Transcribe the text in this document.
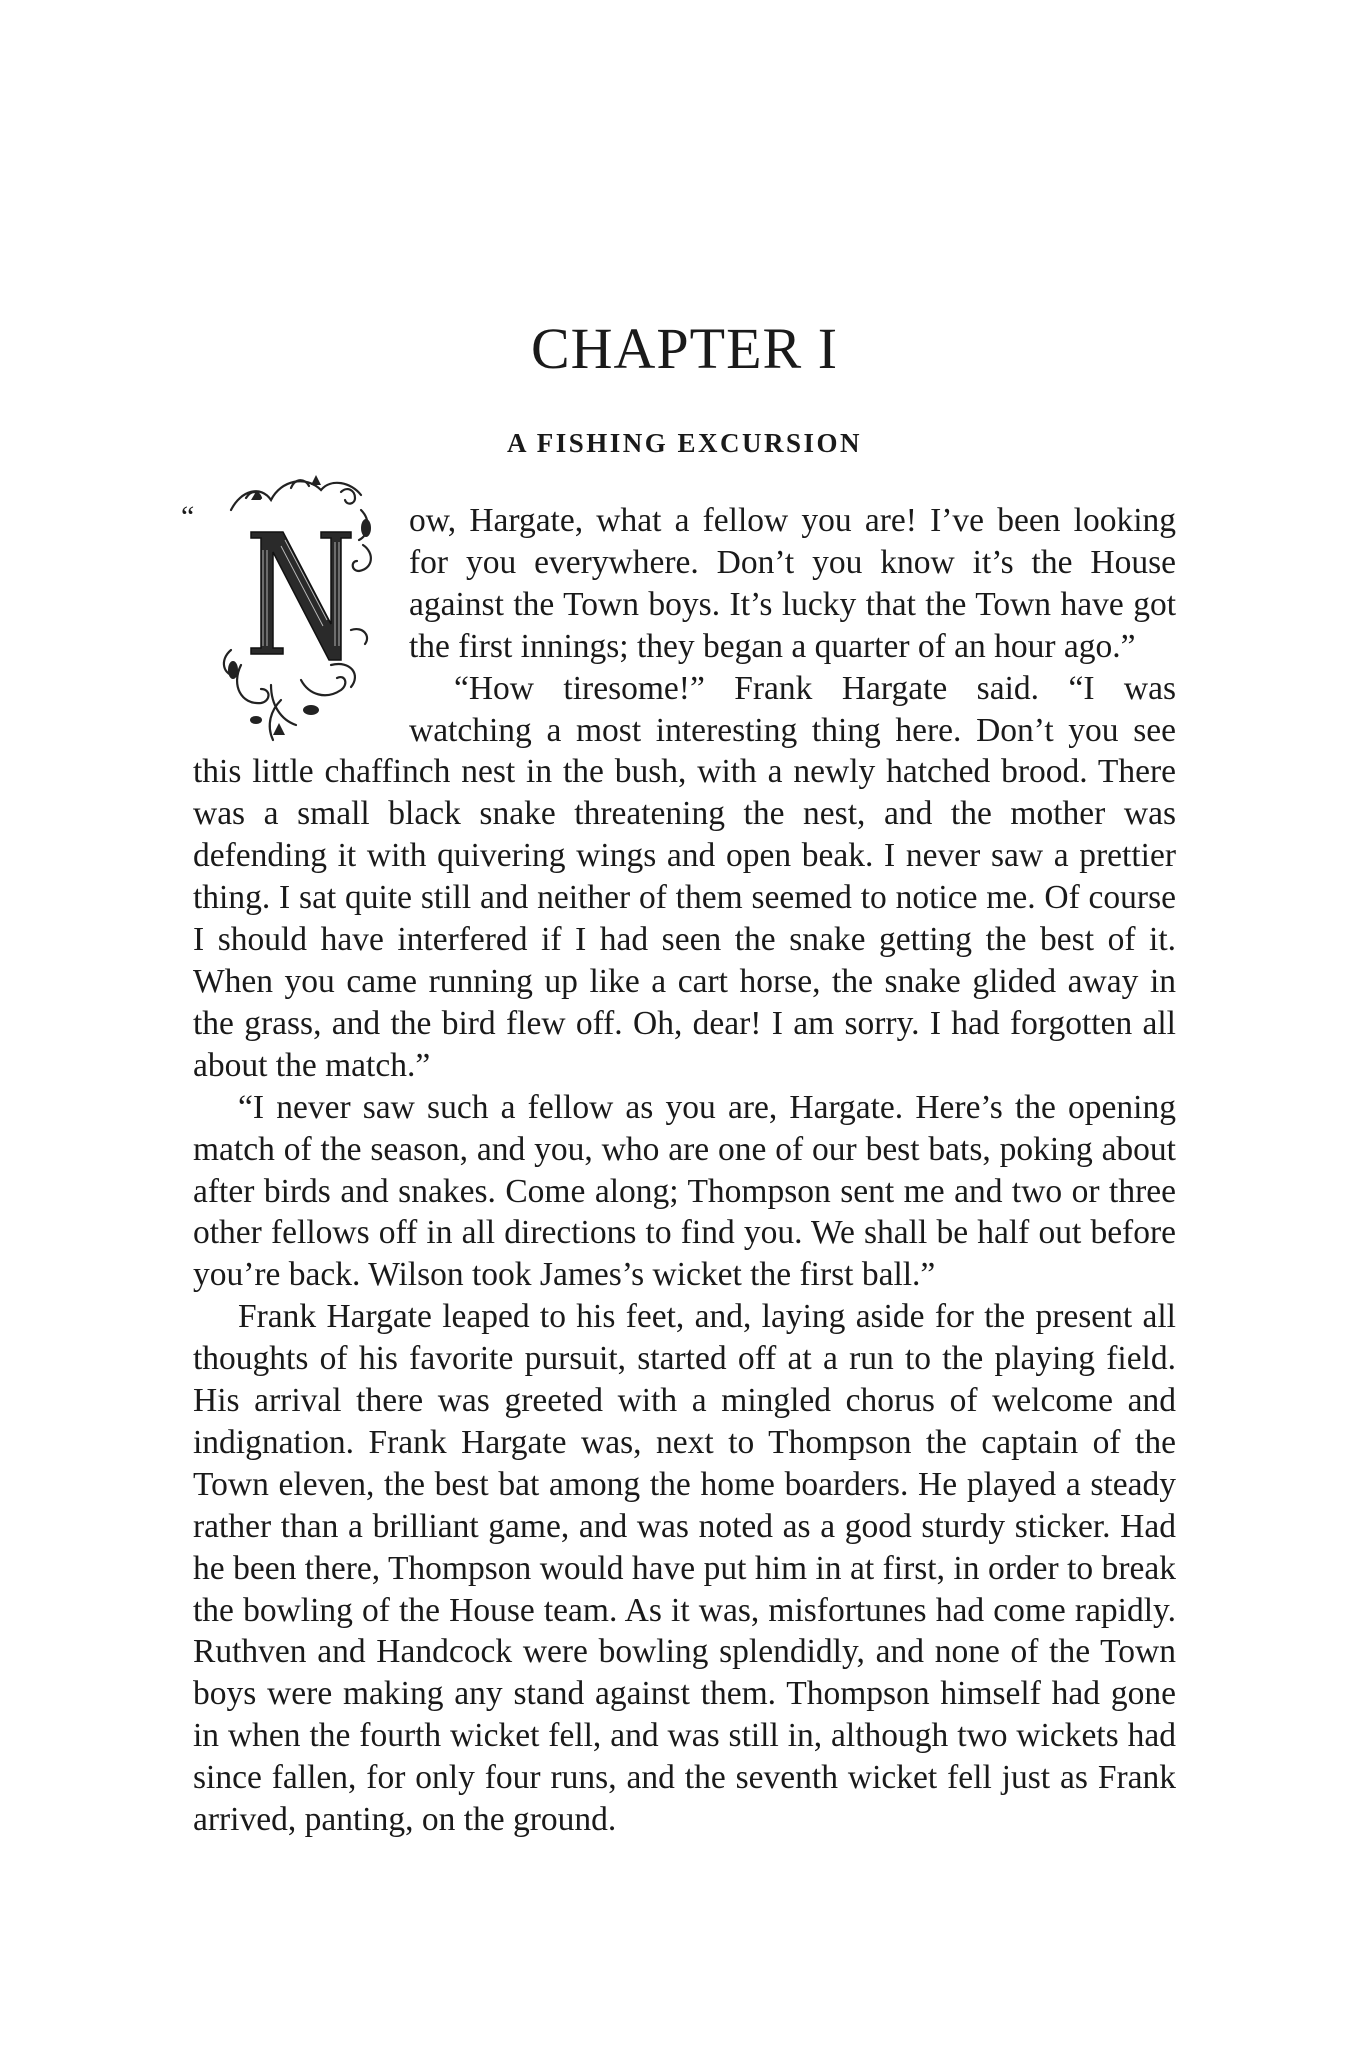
CHAPTER I
A FISHING EXCURSION
“	ow, Hargate, what a fellow you are! I’ve been looking for you everywhere. Don’t you know it’s the House against the Town boys. It’s lucky that the Town have got the first innings; they began a quarter of an hour ago.”

“How tiresome!” Frank Hargate said. “I was watching a most interesting thing here. Don’t you see this little chaffinch nest in the bush, with a newly hatched brood. There was a small black snake threatening the nest, and the mother was defending it with quivering wings and open beak. I never saw a prettier thing. I sat quite still and neither of them seemed to notice me. Of course I should have interfered if I had seen the snake getting the best of it. When you came running up like a cart horse, the snake glided away in the grass, and the bird flew off. Oh, dear! I am sorry. I had forgotten all about the match.”

“I never saw such a fellow as you are, Hargate. Here’s the opening match of the season, and you, who are one of our best bats, poking about after birds and snakes. Come along; Thompson sent me and two or three other fellows off in all directions to find you. We shall be half out before you’re back. Wilson took James’s wicket the first ball.”

Frank Hargate leaped to his feet, and, laying aside for the present all thoughts of his favorite pursuit, started off at a run to the playing field. His arrival there was greeted with a mingled chorus of welcome and indignation. Frank Hargate was, next to Thompson the captain of the Town eleven, the best bat among the home boarders. He played a steady rather than a brilliant game, and was noted as a good sturdy sticker. Had he been there, Thompson would have put him in at first, in order to break the bowling of the House team. As it was, misfortunes had come rapidly. Ruthven and Handcock were bowling splendidly, and none of the Town boys were making any stand against them. Thompson himself had gone in when the fourth wicket fell, and was still in, although two wickets had since fallen, for only four runs, and the seventh wicket fell just as Frank arrived, panting, on the ground.
